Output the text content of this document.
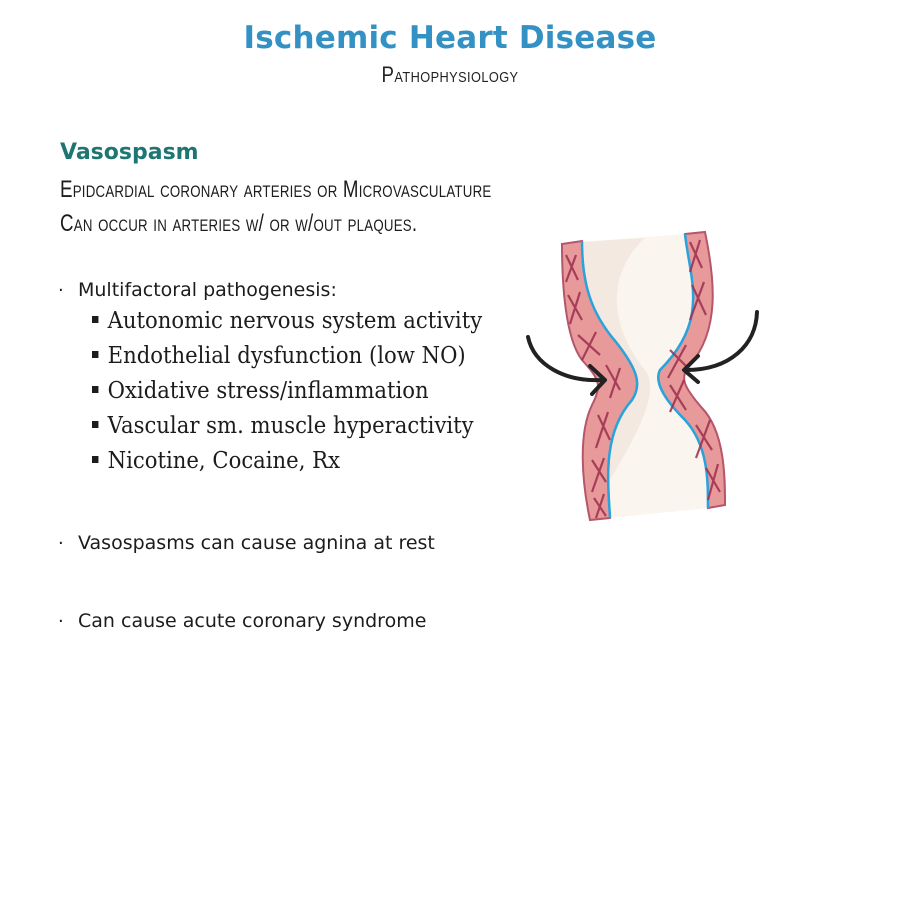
Ischemic Heart Disease
Pathophysiology
Vasospasm
Epidcardial coronary arteries or Microvasculature
Can occur in arteries w/ or w/out plaques.
· Multifactoral pathogenesis:
Autonomic nervous system activity
Endothelial dysfunction (low NO)
Oxidative stress/inflammation
Vascular sm. muscle hyperactivity
Nicotine, Cocaine, Rx
· Vasospasms can cause agnina at rest
· Can cause acute coronary syndrome
